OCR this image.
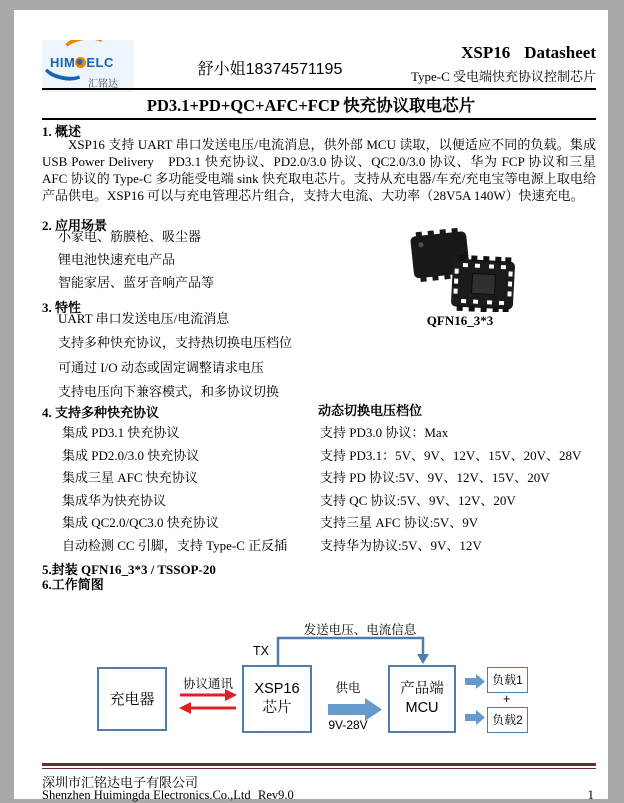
HIM ELC
汇铭达
舒小姐18374571195
XSP16 Datasheet
Type-C 受电端快充协议控制芯片
PD3.1+PD+QC+AFC+FCP 快充协议取电芯片
1. 概述
XSP16 支持 UART 串口发送电压/电流消息，供外部 MCU 读取，以便适应不同的负载。集成 USB Power Delivery　PD3.1 快充协议、PD2.0/3.0 协议、QC2.0/3.0 协议、华为 FCP 协议和三星 AFC 协议的 Type-C 多功能受电端 sink 快充取电芯片。支持从充电器/车充/充电宝等电源上取电给产品供电。XSP16 可以与充电管理芯片组合，支持大电流、大功率（28V5A 140W）快速充电。
2. 应用场景
小家电、筋膜枪、吸尘器
锂电池快速充电产品
智能家居、蓝牙音响产品等
QFN16_3*3
3. 特性
UART 串口发送电压/电流消息
支持多种快充协议，支持热切换电压档位
可通过 I/O 动态或固定调整请求电压
支持电压向下兼容模式，和多协议切换
4. 支持多种快充协议
集成 PD3.1 快充协议
集成 PD2.0/3.0 快充协议
集成三星 AFC 快充协议
集成华为快充协议
集成 QC2.0/QC3.0 快充协议
自动检测 CC 引脚，支持 Type-C 正反插
动态切换电压档位
支持 PD3.0 协议：Max
支持 PD3.1：5V、9V、12V、15V、20V、28V
支持 PD 协议:5V、9V、12V、15V、20V
支持 QC 协议:5V、9V、12V、20V
支持三星 AFC 协议:5V、9V
支持华为协议:5V、9V、12V
5.封装 QFN16_3*3 / TSSOP-20
6.工作简图
发送电压、电流信息
TX
协议通讯	供电
9V-28V
充电器
XSP16
芯片
产品端
MCU
负载1
+
负载2
深圳市汇铭达电子有限公司
Shenzhen Huimingda Electronics.Co.,Ltd Rev9.0	1
